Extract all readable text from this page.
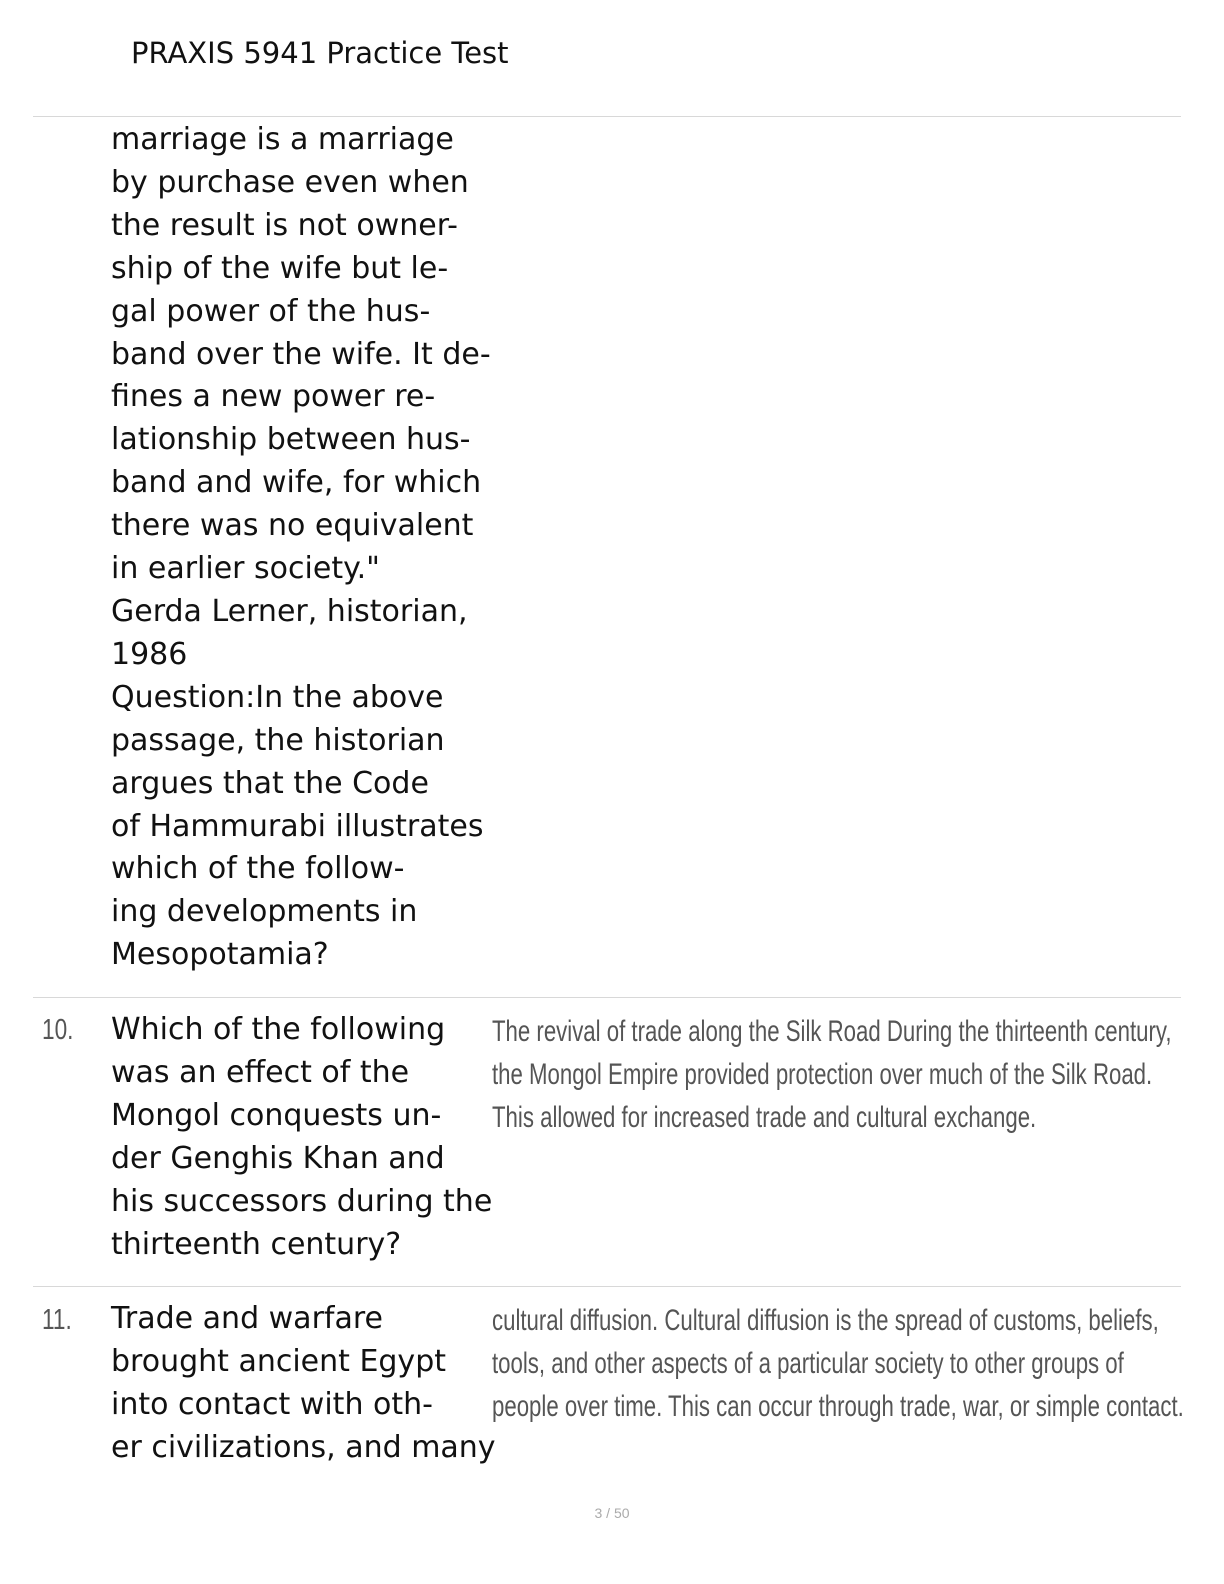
PRAXIS 5941 Practice Test
marriage is a marriage
by purchase even when
the result is not owner-
ship of the wife but le-
gal power of the hus-
band over the wife. It de-
fines a new power re-
lationship between hus-
band and wife, for which
there was no equivalent
in earlier society."
Gerda Lerner, historian,
1986
Question:In the above
passage, the historian
argues that the Code
of Hammurabi illustrates
which of the follow-
ing developments in
Mesopotamia?
10. Which of the following
was an effect of the
Mongol conquests un-
der Genghis Khan and
his successors during the
thirteenth century?
The revival of trade along the Silk Road During the thirteenth century,
the Mongol Empire provided protection over much of the Silk Road.
This allowed for increased trade and cultural exchange.
11. Trade and warfare
brought ancient Egypt
into contact with oth-
er civilizations, and many
cultural diffusion. Cultural diffusion is the spread of customs, beliefs,
tools, and other aspects of a particular society to other groups of
people over time. This can occur through trade, war, or simple contact.
3 / 50
